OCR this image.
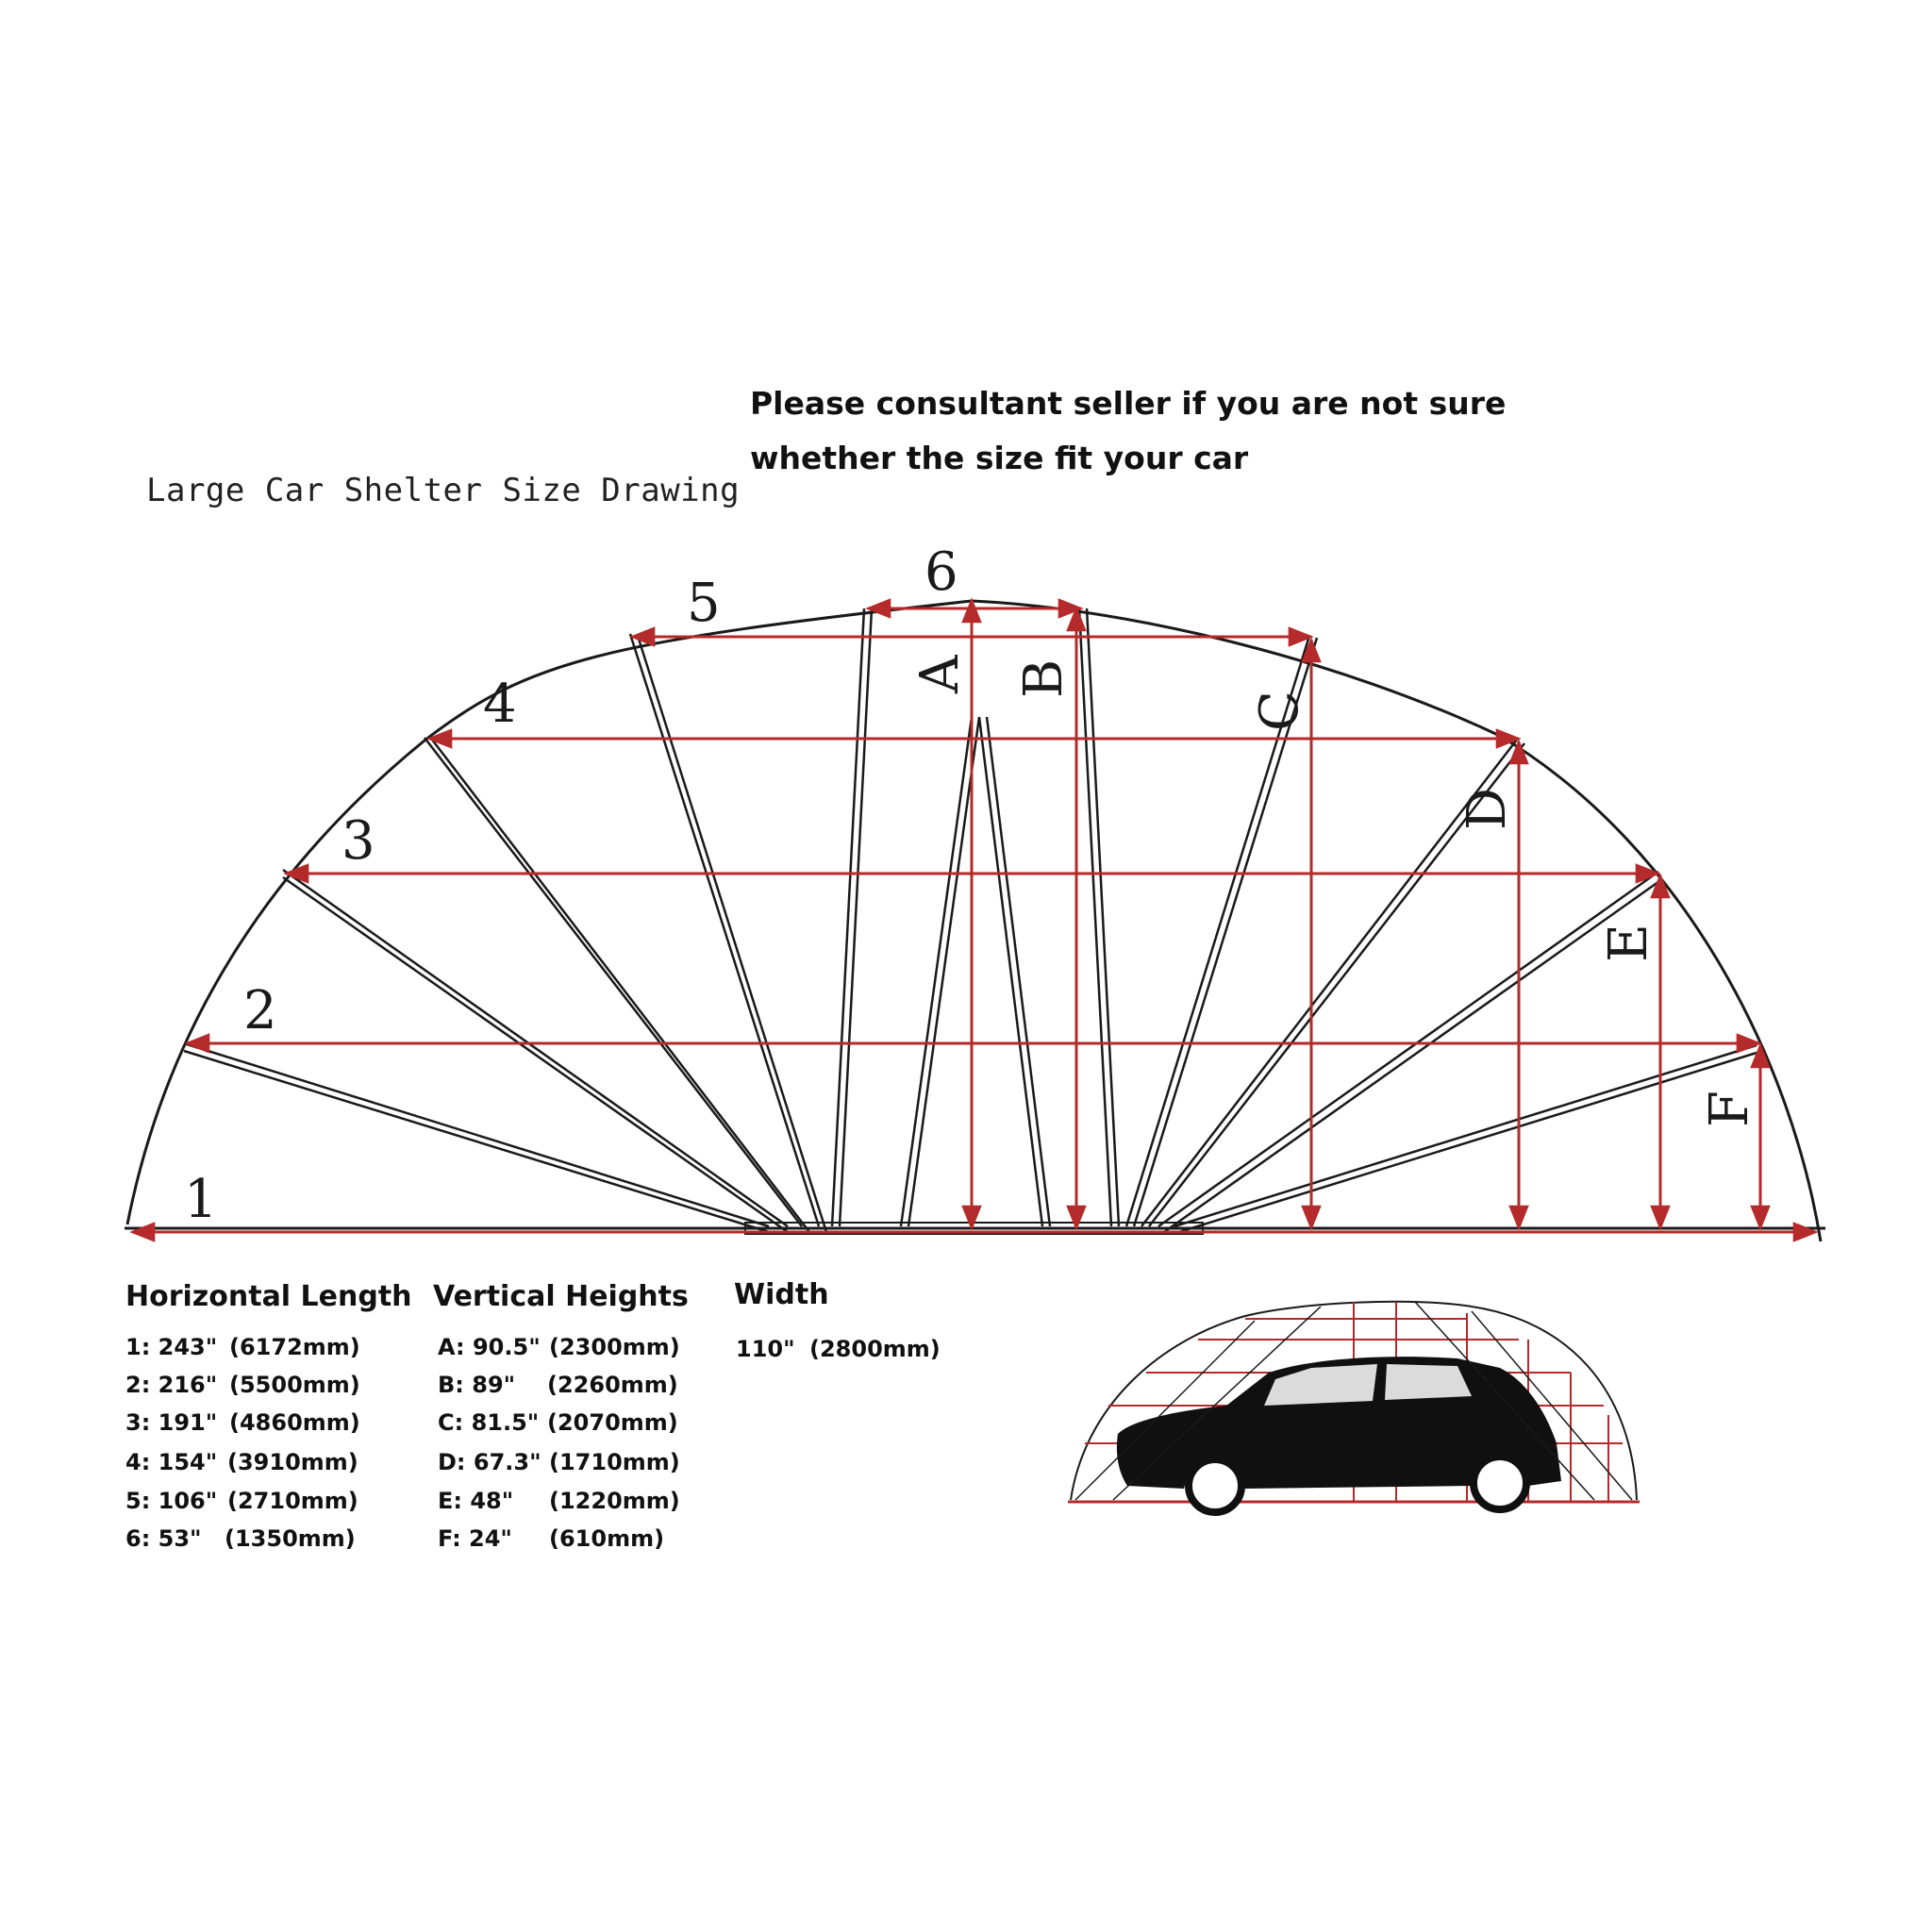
Large Car Shelter Size Drawing
Please consultant seller if you are not sure
whether the size fit your car
1
2
3
4
5
6
A B
C
D
E
F
Horizontal Length
1: 243" (6172mm)
2: 216" (5500mm)
3: 191" (4860mm)
4: 154" (3910mm)
5: 106" (2710mm)
6: 53" (1350mm)
Vertical Heights
A: 90.5" (2300mm)
B: 89" (2260mm)
C: 81.5" (2070mm)
D: 67.3" (1710mm)
E: 48" (1220mm)
F: 24" (610mm)
Width
110" (2800mm)
